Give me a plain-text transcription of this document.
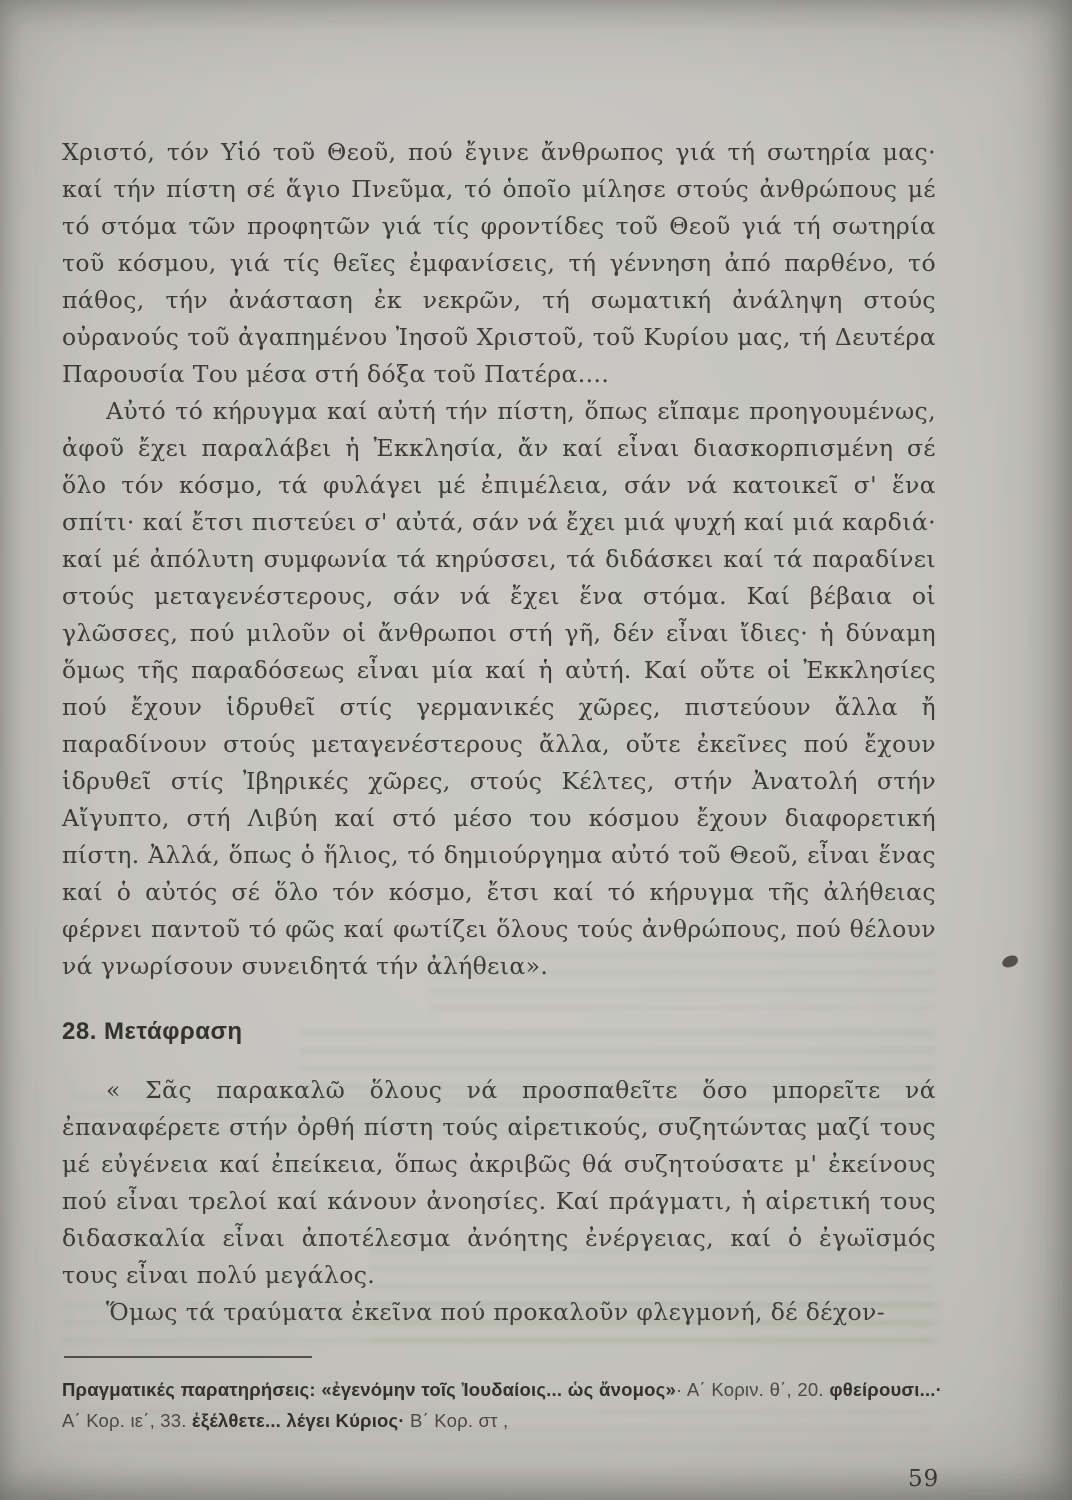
Χριστό, τόν Υἱό τοῦ Θεοῦ, πού ἔγινε ἄνθρωπος γιά τή σωτηρία μας· καί τήν πίστη σέ ἅγιο Πνεῦμα, τό ὁποῖο μίλησε στούς ἀνθρώπους μέ τό στόμα τῶν προφητῶν γιά τίς φροντίδες τοῦ Θεοῦ γιά τή σωτηρία τοῦ κόσμου, γιά τίς θεῖες ἐμφανίσεις, τή γέννηση ἀπό παρθένο, τό πάθος, τήν ἀνάσταση ἐκ νεκρῶν, τή σωματική ἀνάληψη στούς οὐρανούς τοῦ ἀγαπημένου Ἰησοῦ Χριστοῦ, τοῦ Κυρίου μας, τή Δευτέρα Παρουσία Του μέσα στή δόξα τοῦ Πατέρα....

Αὐτό τό κήρυγμα καί αὐτή τήν πίστη, ὅπως εἴπαμε προηγουμένως, ἀφοῦ ἔχει παραλάβει ἡ Ἐκκλησία, ἄν καί εἶναι διασκορπισμένη σέ ὅλο τόν κόσμο, τά φυλάγει μέ ἐπιμέλεια, σάν νά κατοικεῖ σ' ἕνα σπίτι· καί ἔτσι πιστεύει σ' αὐτά, σάν νά ἔχει μιά ψυχή καί μιά καρδιά· καί μέ ἀπόλυτη συμφωνία τά κηρύσσει, τά διδάσκει καί τά παραδίνει στούς μεταγενέστερους, σάν νά ἔχει ἕνα στόμα. Καί βέβαια οἱ γλῶσσες, πού μιλοῦν οἱ ἄνθρωποι στή γῆ, δέν εἶναι ἴδιες· ἡ δύναμη ὅμως τῆς παραδόσεως εἶναι μία καί ἡ αὐτή. Καί οὔτε οἱ Ἐκκλησίες πού ἔχουν ἱδρυθεῖ στίς γερμανικές χῶρες, πιστεύουν ἄλλα ἤ παραδίνουν στούς μεταγενέστερους ἄλλα, οὔτε ἐκεῖνες πού ἔχουν ἱδρυθεῖ στίς Ἰβηρικές χῶρες, στούς Κέλτες, στήν Ἀνατολή στήν Αἴγυπτο, στή Λιβύη καί στό μέσο του κόσμου ἔχουν διαφορετική πίστη. Ἀλλά, ὅπως ὁ ἥλιος, τό δημιούργημα αὐτό τοῦ Θεοῦ, εἶναι ἕνας καί ὁ αὐτός σέ ὅλο τόν κόσμο, ἔτσι καί τό κήρυγμα τῆς ἀλήθειας φέρνει παντοῦ τό φῶς καί φωτίζει ὅλους τούς ἀνθρώπους, πού θέλουν νά γνωρίσουν συνειδητά τήν ἀλήθεια».

28. Μετάφραση

« Σᾶς παρακαλῶ ὅλους νά προσπαθεῖτε ὅσο μπορεῖτε νά ἐπαναφέρετε στήν ὀρθή πίστη τούς αἱρετικούς, συζητώντας μαζί τους μέ εὐγένεια καί ἐπείκεια, ὅπως ἀκριβῶς θά συζητούσατε μ' ἐκείνους πού εἶναι τρελοί καί κάνουν ἀνοησίες. Καί πράγματι, ἡ αἱρετική τους διδασκαλία εἶναι ἀποτέλεσμα ἀνόητης ἐνέργειας, καί ὁ ἐγωϊσμός τους εἶναι πολύ μεγάλος.

Ὅμως τά τραύματα ἐκεῖνα πού προκαλοῦν φλεγμονή, δέ δέχον-

Πραγματικές παρατηρήσεις: «ἐγενόμην τοῖς Ἰουδαίοις... ὡς ἄνομος»· Α΄ Κοριν. θ΄, 20. φθείρουσι...· Α΄ Κορ. ιε΄, 33. ἐξέλθετε... λέγει Κύριος· Β΄ Κορ. στ ,

59
